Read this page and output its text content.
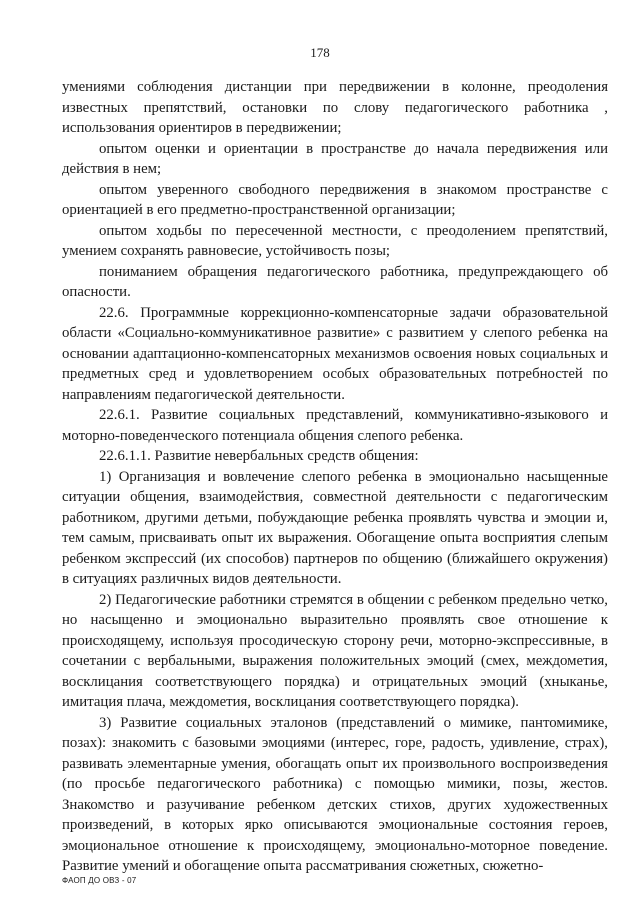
178

умениями соблюдения дистанции при передвижении в колонне, преодоления известных препятствий, остановки по слову педагогического работника , использования ориентиров в передвижении;

опытом оценки и ориентации в пространстве до начала передвижения или действия в нем;

опытом уверенного свободного передвижения в знакомом пространстве с ориентацией в его предметно-пространственной организации;

опытом ходьбы по пересеченной местности, с преодолением препятствий, умением сохранять равновесие, устойчивость позы;

пониманием обращения педагогического работника, предупреждающего об опасности.

22.6. Программные коррекционно-компенсаторные задачи образовательной области «Социально-коммуникативное развитие» с развитием у слепого ребенка на основании адаптационно-компенсаторных механизмов освоения новых социальных и предметных сред и удовлетворением особых образовательных потребностей по направлениям педагогической деятельности.

22.6.1. Развитие социальных представлений, коммуникативно-языкового и моторно-поведенческого потенциала общения слепого ребенка.

22.6.1.1. Развитие невербальных средств общения:

1) Организация и вовлечение слепого ребенка в эмоционально насыщенные ситуации общения, взаимодействия, совместной деятельности с педагогическим работником, другими детьми, побуждающие ребенка проявлять чувства и эмоции и, тем самым, присваивать опыт их выражения. Обогащение опыта восприятия слепым ребенком экспрессий (их способов) партнеров по общению (ближайшего окружения) в ситуациях различных видов деятельности.

2) Педагогические работники стремятся в общении с ребенком предельно четко, но насыщенно и эмоционально выразительно проявлять свое отношение к происходящему, используя просодическую сторону речи, моторно-экспрессивные, в сочетании с вербальными, выражения положительных эмоций (смех, междометия, восклицания соответствующего порядка) и отрицательных эмоций (хныканье, имитация плача, междометия, восклицания соответствующего порядка).

3) Развитие социальных эталонов (представлений о мимике, пантомимике, позах): знакомить с базовыми эмоциями (интерес, горе, радость, удивление, страх), развивать элементарные умения, обогащать опыт их произвольного воспроизведения (по просьбе педагогического работника) с помощью мимики, позы, жестов. Знакомство и разучивание ребенком детских стихов, других художественных произведений, в которых ярко описываются эмоциональные состояния героев, эмоциональное отношение к происходящему, эмоционально-моторное поведение. Развитие умений и обогащение опыта рассматривания сюжетных, сюжетно-

ФАОП ДО ОВЗ - 07
